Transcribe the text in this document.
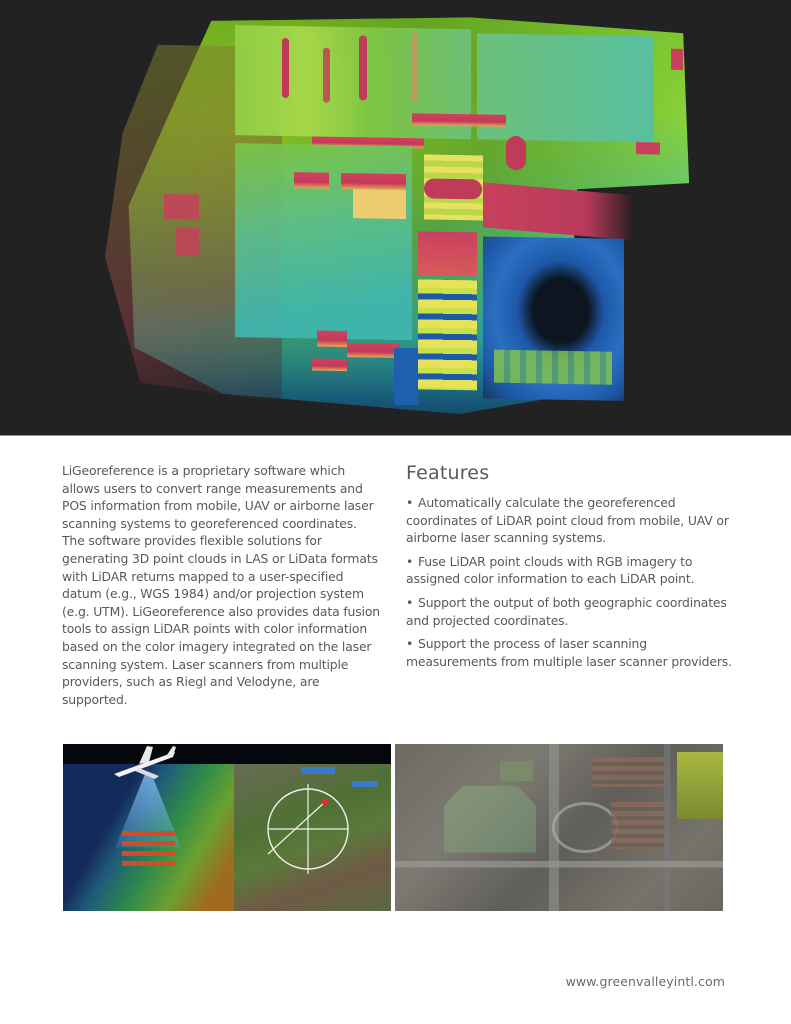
LiGeoreference is a proprietary software which allows users to convert range measurements and POS information from mobile, UAV or airborne laser scanning systems to georeferenced coordinates. The software provides flexible solutions for generating 3D point clouds in LAS or LiData formats with LiDAR returns mapped to a user-specified datum (e.g., WGS 1984) and/or projection system (e.g. UTM). LiGeoreference also provides data fusion tools to assign LiDAR points with color information based on the color imagery integrated on the laser scanning system. Laser scanners from multiple providers, such as Riegl and Velodyne, are supported.

Features
• Automatically calculate the georeferenced coordinates of LiDAR point cloud from mobile, UAV or airborne laser scanning systems.
• Fuse LiDAR point clouds with RGB imagery to assigned color information to each LiDAR point.
• Support the output of both geographic coordinates and projected coordinates.
• Support the process of laser scanning measurements from multiple laser scanner providers.
www.greenvalleyintl.com
